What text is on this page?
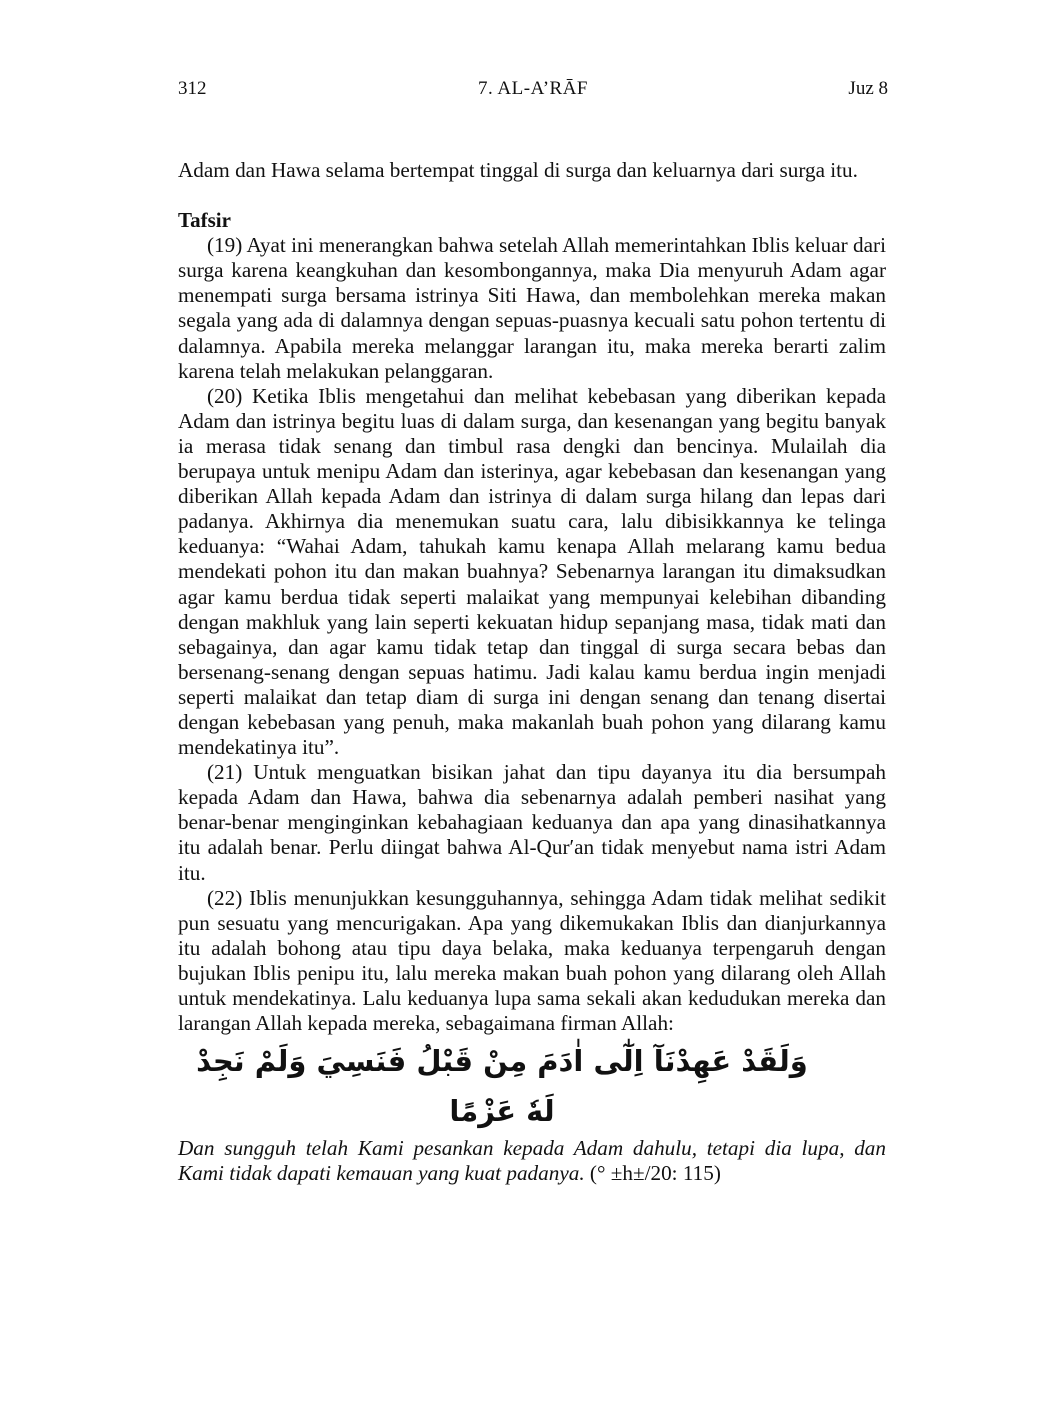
312	7. AL-A’RĀF	Juz 8

Adam dan Hawa selama bertempat tinggal di surga dan keluarnya dari surga itu.

Tafsir

(19) Ayat ini menerangkan bahwa setelah Allah memerintahkan Iblis keluar dari surga karena keangkuhan dan kesombongannya, maka Dia menyuruh Adam agar menempati surga bersama istrinya Siti Hawa, dan membolehkan mereka makan segala yang ada di dalamnya dengan sepuas-puasnya kecuali satu pohon tertentu di dalamnya. Apabila mereka melanggar larangan itu, maka mereka berarti zalim karena telah melakukan pelanggaran.

(20) Ketika Iblis mengetahui dan melihat kebebasan yang diberikan kepada Adam dan istrinya begitu luas di dalam surga, dan kesenangan yang begitu banyak ia merasa tidak senang dan timbul rasa dengki dan bencinya. Mulailah dia berupaya untuk menipu Adam dan isterinya, agar kebebasan dan kesenangan yang diberikan Allah kepada Adam dan istrinya di dalam surga hilang dan lepas dari padanya. Akhirnya dia menemukan suatu cara, lalu dibisikkannya ke telinga keduanya: “Wahai Adam, tahukah kamu kenapa Allah melarang kamu bedua mendekati pohon itu dan makan buahnya? Sebenarnya larangan itu dimaksudkan agar kamu berdua tidak seperti malaikat yang mempunyai kelebihan dibanding dengan makhluk yang lain seperti kekuatan hidup sepanjang masa, tidak mati dan sebagainya, dan agar kamu tidak tetap dan tinggal di surga secara bebas dan bersenang-senang dengan sepuas hatimu. Jadi kalau kamu berdua ingin menjadi seperti malaikat dan tetap diam di surga ini dengan senang dan tenang disertai dengan kebebasan yang penuh, maka makanlah buah pohon yang dilarang kamu mendekatinya itu”.

(21) Untuk menguatkan bisikan jahat dan tipu dayanya itu dia bersumpah kepada Adam dan Hawa, bahwa dia sebenarnya adalah pemberi nasihat yang benar-benar menginginkan kebahagiaan keduanya dan apa yang dinasihatkannya itu adalah benar. Perlu diingat bahwa Al-Qur′an tidak menyebut nama istri Adam itu.

(22) Iblis menunjukkan kesungguhannya, sehingga Adam tidak melihat sedikit pun sesuatu yang mencurigakan. Apa yang dikemukakan Iblis dan dianjurkannya itu adalah bohong atau tipu daya belaka, maka keduanya terpengaruh dengan bujukan Iblis penipu itu, lalu mereka makan buah pohon yang dilarang oleh Allah untuk mendekatinya. Lalu keduanya lupa sama sekali akan kedudukan mereka dan larangan Allah kepada mereka, sebagaimana firman Allah:

وَلَقَدْ عَهِدْنَآ اِلٰٓى اٰدَمَ مِنْ قَبْلُ فَنَسِيَ وَلَمْ نَجِدْ لَهٗ عَزْمًا

Dan sungguh telah Kami pesankan kepada Adam dahulu, tetapi dia lupa, dan Kami tidak dapati kemauan yang kuat padanya. (° ±h±/20: 115)
